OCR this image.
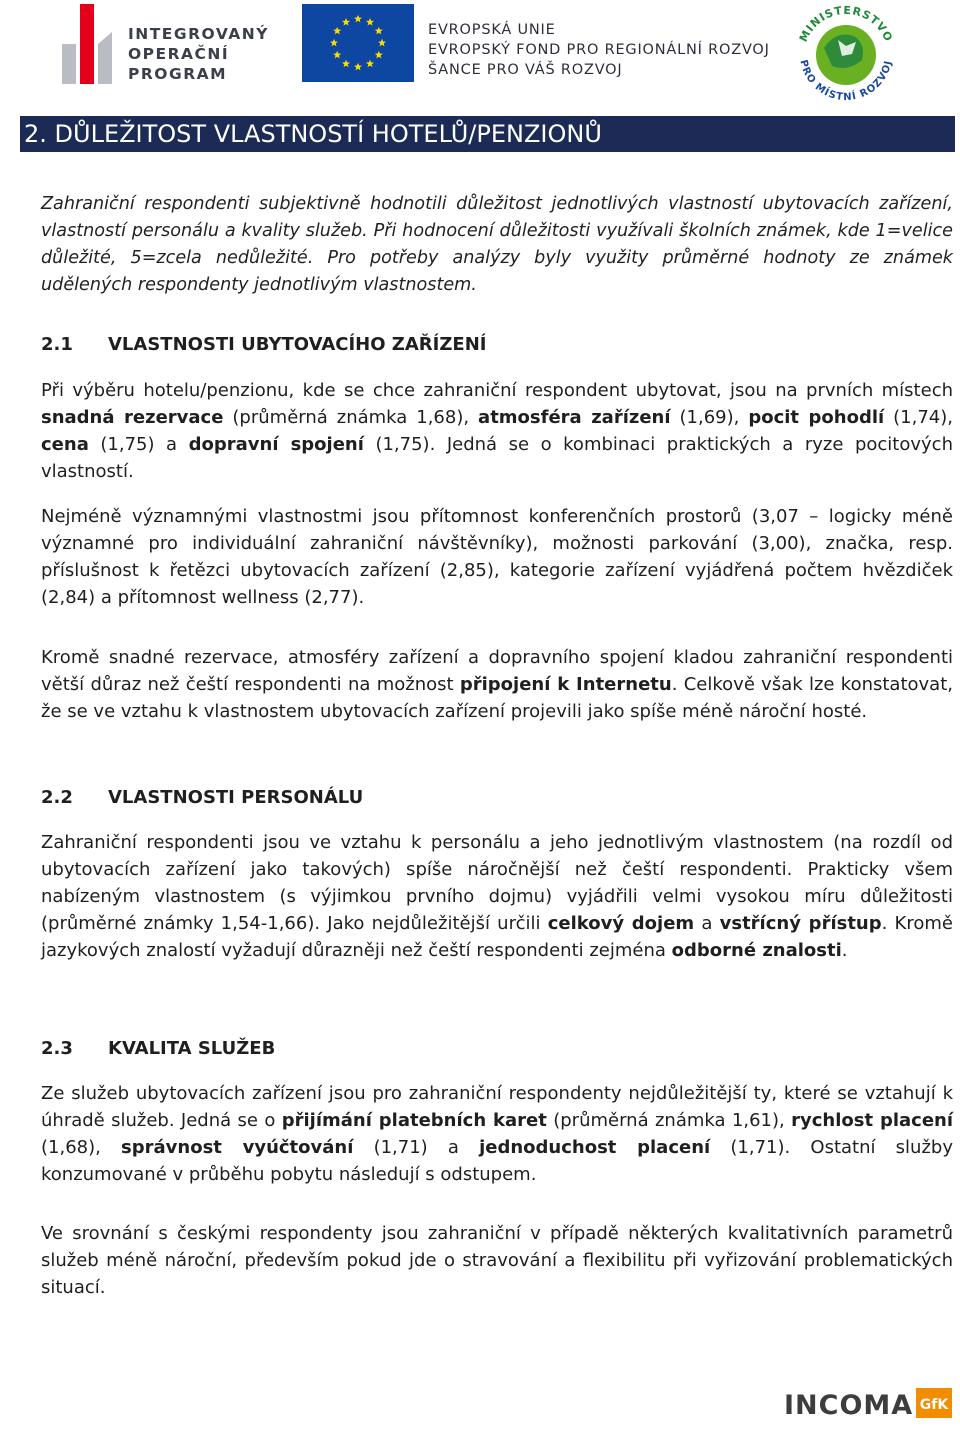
INTEGROVANÝ
OPERAČNÍ
PROGRAM
EVROPSKÁ UNIE
EVROPSKÝ FOND PRO REGIONÁLNÍ ROZVOJ
ŠANCE PRO VÁŠ ROZVOJ
MINISTERSTVO
PRO MÍSTNÍ ROZVOJ
2. DŮLEŽITOST VLASTNOSTÍ HOTELŮ/PENZIONŮ

Zahraniční respondenti subjektivně hodnotili důležitost jednotlivých vlastností ubytovacích zařízení, vlastností personálu a kvality služeb. Při hodnocení důležitosti využívali školních známek, kde 1=velice důležité, 5=zcela nedůležité. Pro potřeby analýzy byly využity průměrné hodnoty ze známek udělených respondenty jednotlivým vlastnostem.

2.1 VLASTNOSTI UBYTOVACÍHO ZAŘÍZENÍ

Při výběru hotelu/penzionu, kde se chce zahraniční respondent ubytovat, jsou na prvních místech snadná rezervace (průměrná známka 1,68), atmosféra zařízení (1,69), pocit pohodlí (1,74), cena (1,75) a dopravní spojení (1,75). Jedná se o kombinaci praktických a ryze pocitových vlastností.

Nejméně významnými vlastnostmi jsou přítomnost konferenčních prostorů (3,07 – logicky méně významné pro individuální zahraniční návštěvníky), možnosti parkování (3,00), značka, resp. příslušnost k řetězci ubytovacích zařízení (2,85), kategorie zařízení vyjádřená počtem hvězdiček (2,84) a přítomnost wellness (2,77).

Kromě snadné rezervace, atmosféry zařízení a dopravního spojení kladou zahraniční respondenti větší důraz než čeští respondenti na možnost připojení k Internetu. Celkově však lze konstatovat, že se ve vztahu k vlastnostem ubytovacích zařízení projevili jako spíše méně nároční hosté.

2.2 VLASTNOSTI PERSONÁLU

Zahraniční respondenti jsou ve vztahu k personálu a jeho jednotlivým vlastnostem (na rozdíl od ubytovacích zařízení jako takových) spíše náročnější než čeští respondenti. Prakticky všem nabízeným vlastnostem (s výjimkou prvního dojmu) vyjádřili velmi vysokou míru důležitosti (průměrné známky 1,54-1,66). Jako nejdůležitější určili celkový dojem a vstřícný přístup. Kromě jazykových znalostí vyžadují důrazněji než čeští respondenti zejména odborné znalosti.

2.3 KVALITA SLUŽEB

Ze služeb ubytovacích zařízení jsou pro zahraniční respondenty nejdůležitější ty, které se vztahují k úhradě služeb. Jedná se o přijímání platebních karet (průměrná známka 1,61), rychlost placení (1,68), správnost vyúčtování (1,71) a jednoduchost placení (1,71). Ostatní služby konzumované v průběhu pobytu následují s odstupem.

Ve srovnání s českými respondenty jsou zahraniční v případě některých kvalitativních parametrů služeb méně nároční, především pokud jde o stravování a flexibilitu při vyřizování problematických situací.

INCOMA GfK
